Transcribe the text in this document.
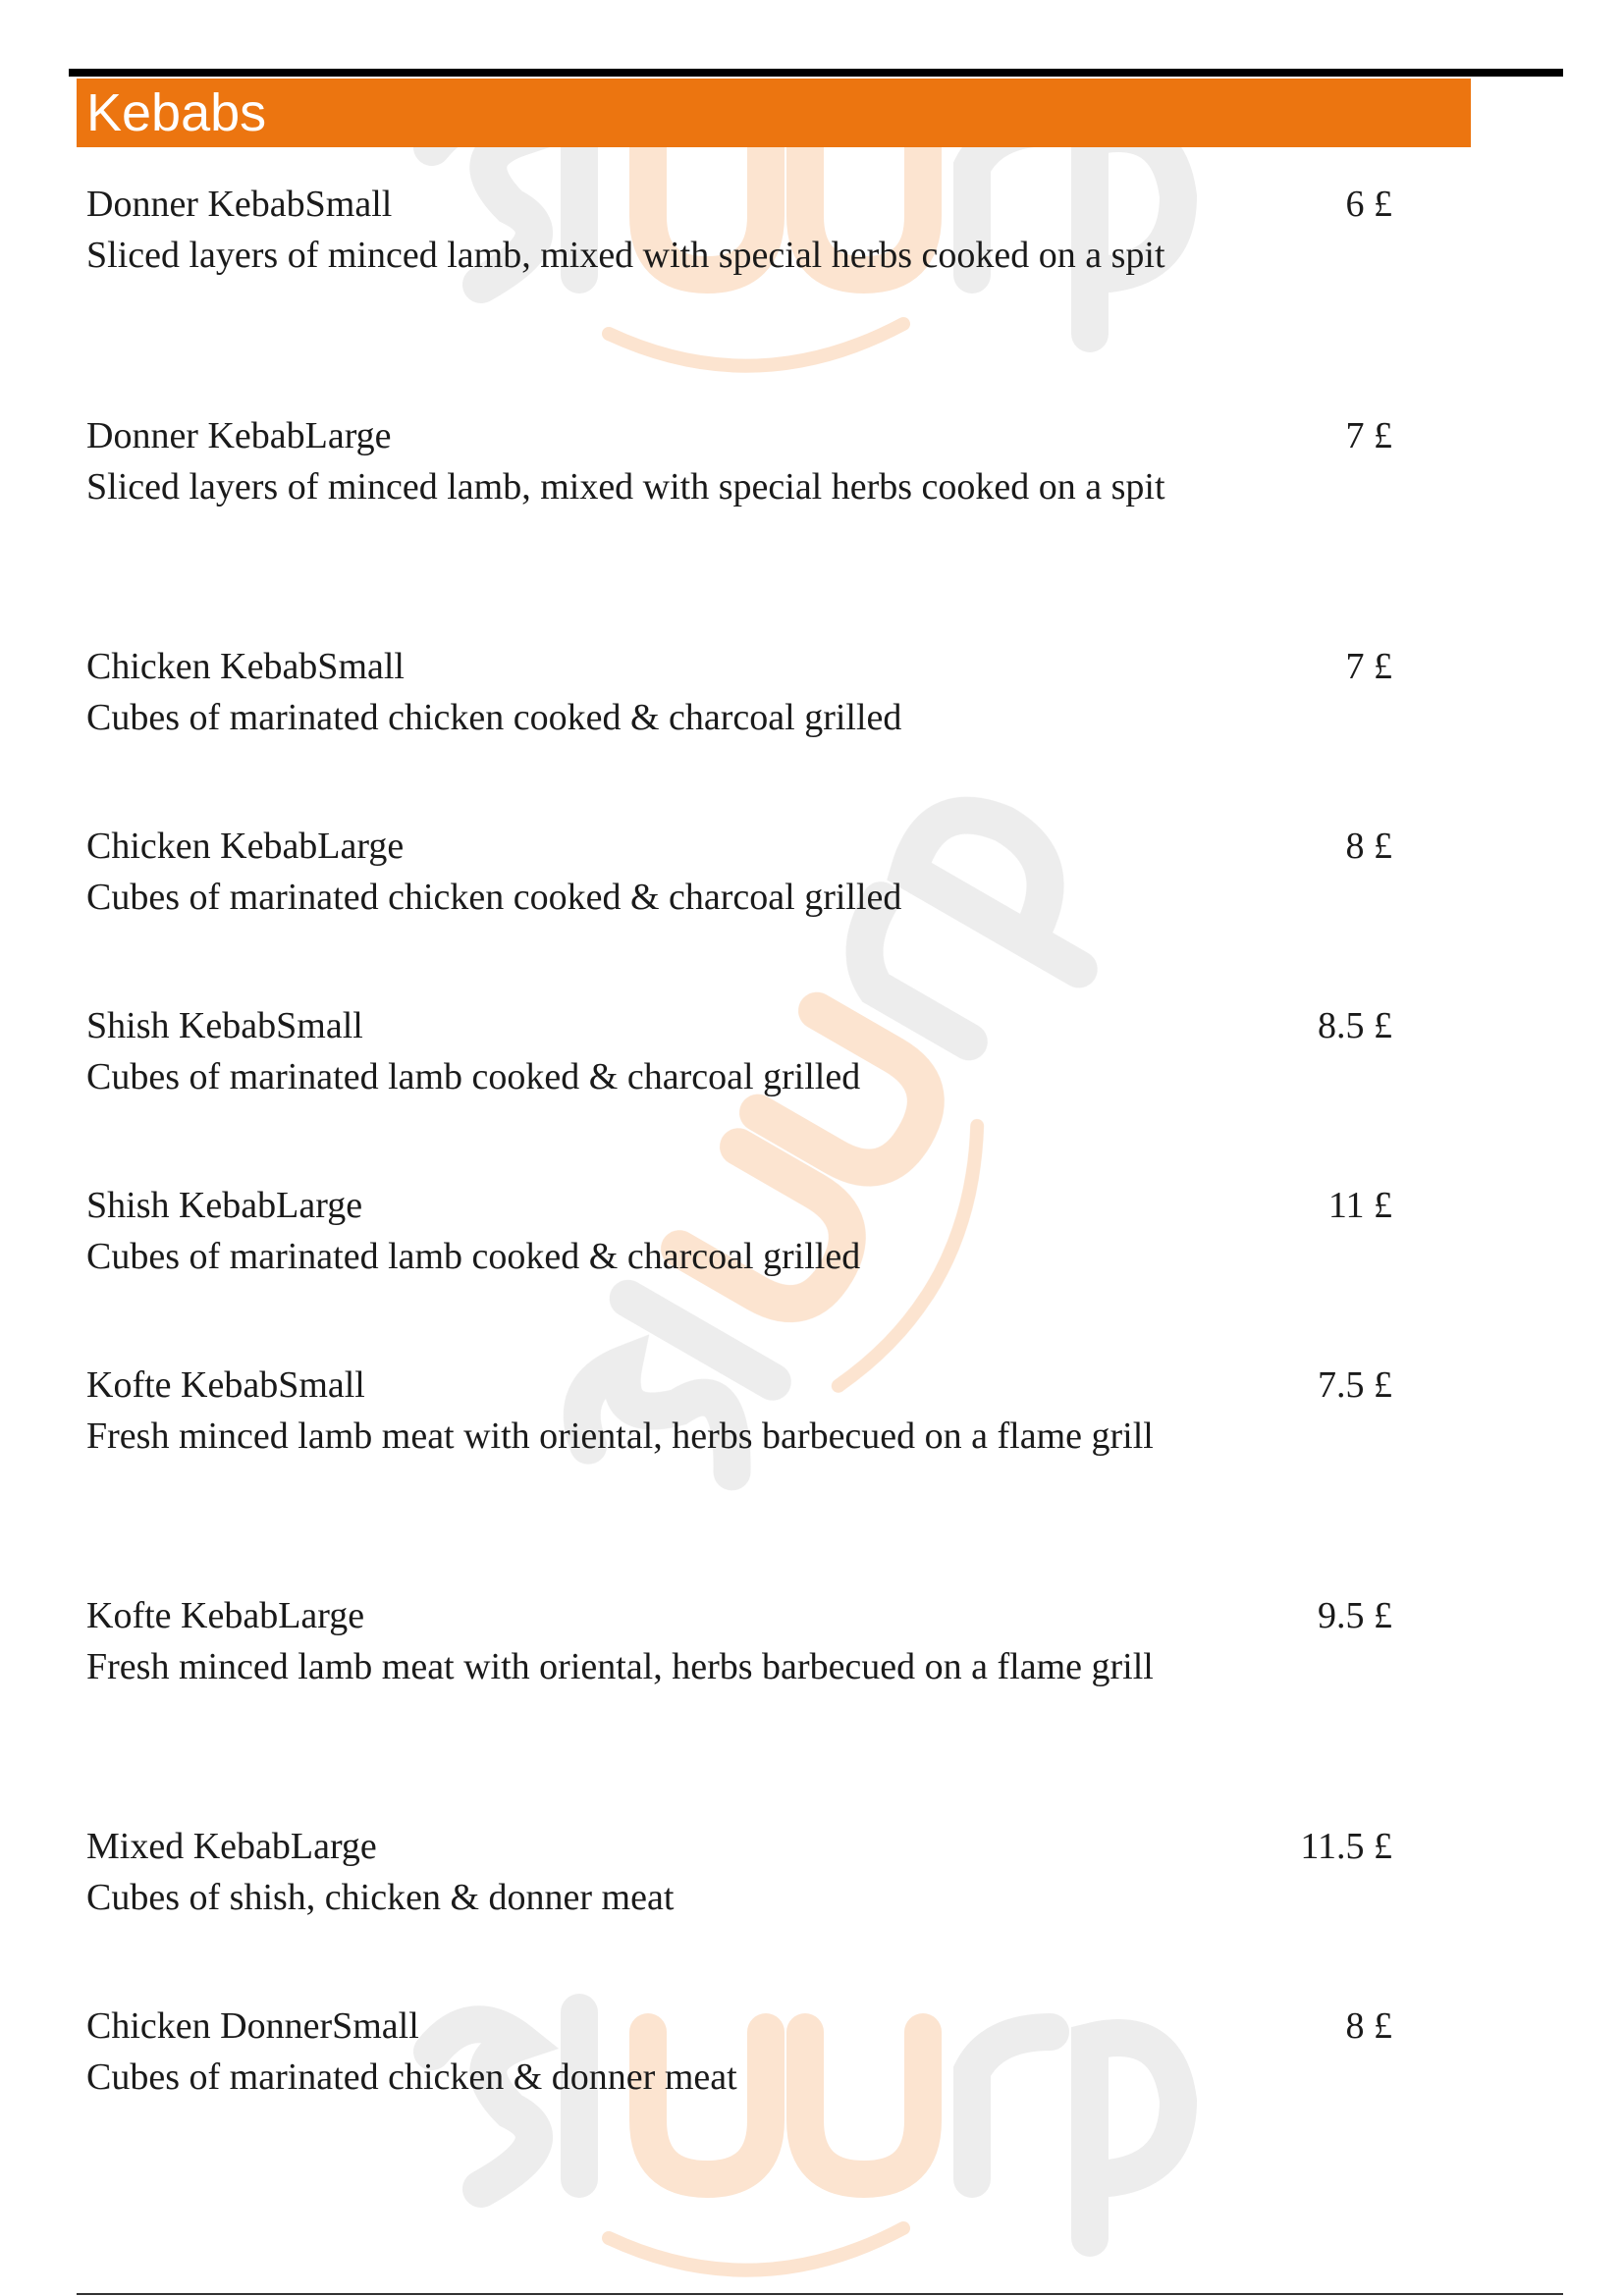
Kebabs
Donner KebabSmall
Sliced layers of minced lamb, mixed with special herbs cooked on a spit
6 £
Donner KebabLarge
Sliced layers of minced lamb, mixed with special herbs cooked on a spit
7 £
Chicken KebabSmall
Cubes of marinated chicken cooked & charcoal grilled
7 £
Chicken KebabLarge
Cubes of marinated chicken cooked & charcoal grilled
8 £
Shish KebabSmall
Cubes of marinated lamb cooked & charcoal grilled
8.5 £
Shish KebabLarge
Cubes of marinated lamb cooked & charcoal grilled
11 £
Kofte KebabSmall
Fresh minced lamb meat with oriental, herbs barbecued on a flame grill
7.5 £
Kofte KebabLarge
Fresh minced lamb meat with oriental, herbs barbecued on a flame grill
9.5 £
Mixed KebabLarge
Cubes of shish, chicken & donner meat
11.5 £
Chicken DonnerSmall
Cubes of marinated chicken & donner meat
8 £
